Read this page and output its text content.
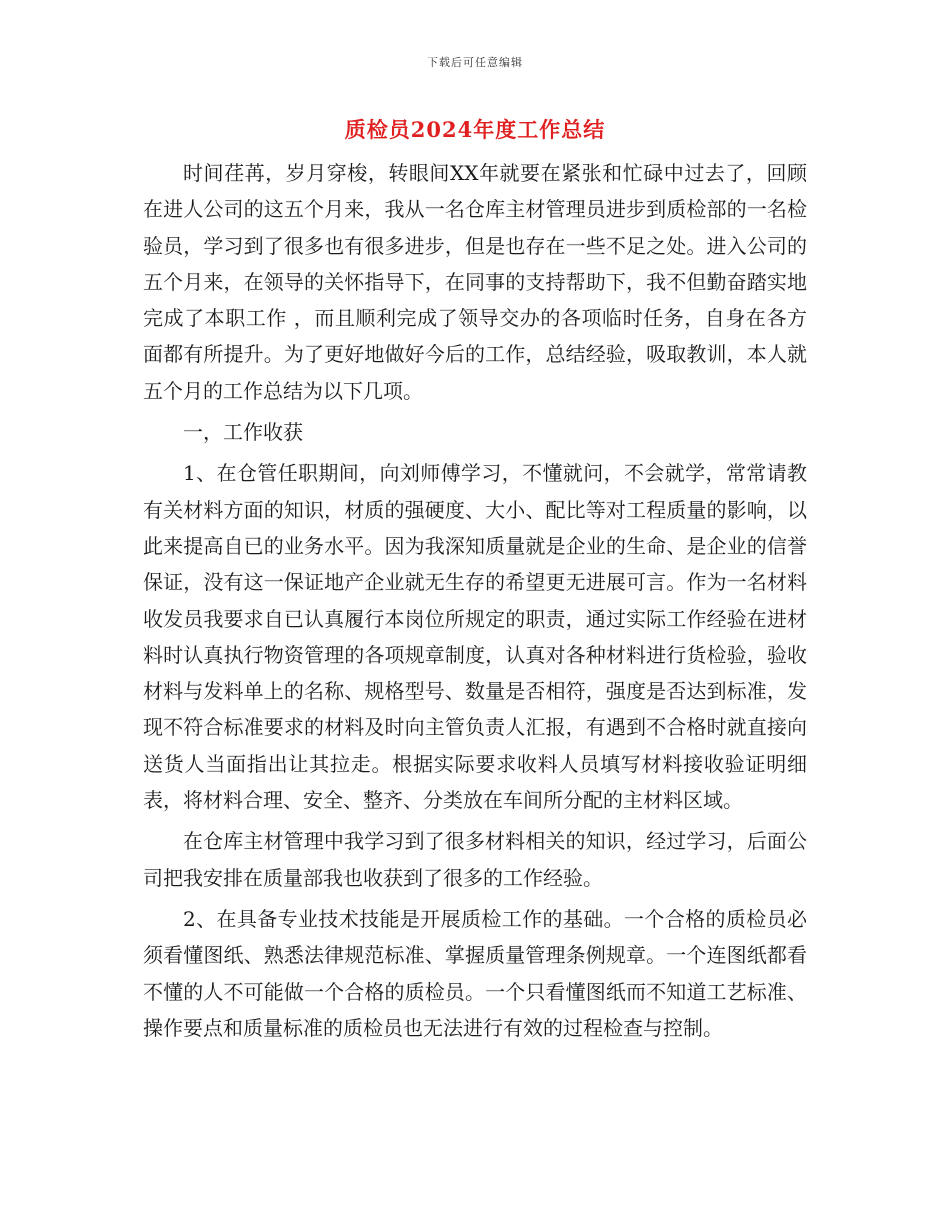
下载后可任意编辑
质检员2024年度工作总结

时间荏苒，岁月穿梭，转眼间XX年就要在紧张和忙碌中过去了，回顾在进人公司的这五个月来，我从一名仓库主材管理员进步到质检部的一名检验员，学习到了很多也有很多进步，但是也存在一些不足之处。进入公司的五个月来，在领导的关怀指导下，在同事的支持帮助下，我不但勤奋踏实地完成了本职工作 ，而且顺利完成了领导交办的各项临时任务，自身在各方面都有所提升。为了更好地做好今后的工作，总结经验，吸取教训，本人就五个月的工作总结为以下几项。

一，工作收获

1、在仓管任职期间，向刘师傅学习，不懂就问，不会就学，常常请教有关材料方面的知识，材质的强硬度、大小、配比等对工程质量的影响，以此来提高自已的业务水平。因为我深知质量就是企业的生命、是企业的信誉保证，没有这一保证地产企业就无生存的希望更无进展可言。作为一名材料收发员我要求自已认真履行本岗位所规定的职责，通过实际工作经验在进材料时认真执行物资管理的各项规章制度，认真对各种材料进行货检验，验收材料与发料单上的名称、规格型号、数量是否相符，强度是否达到标准，发现不符合标准要求的材料及时向主管负责人汇报，有遇到不合格时就直接向送货人当面指出让其拉走。根据实际要求收料人员填写材料接收验证明细表，将材料合理、安全、整齐、分类放在车间所分配的主材料区域。

在仓库主材管理中我学习到了很多材料相关的知识，经过学习，后面公司把我安排在质量部我也收获到了很多的工作经验。

2、在具备专业技术技能是开展质检工作的基础。一个合格的质检员必须看懂图纸、熟悉法律规范标准、掌握质量管理条例规章。一个连图纸都看不懂的人不可能做一个合格的质检员。一个只看懂图纸而不知道工艺标准、操作要点和质量标准的质检员也无法进行有效的过程检查与控制。
